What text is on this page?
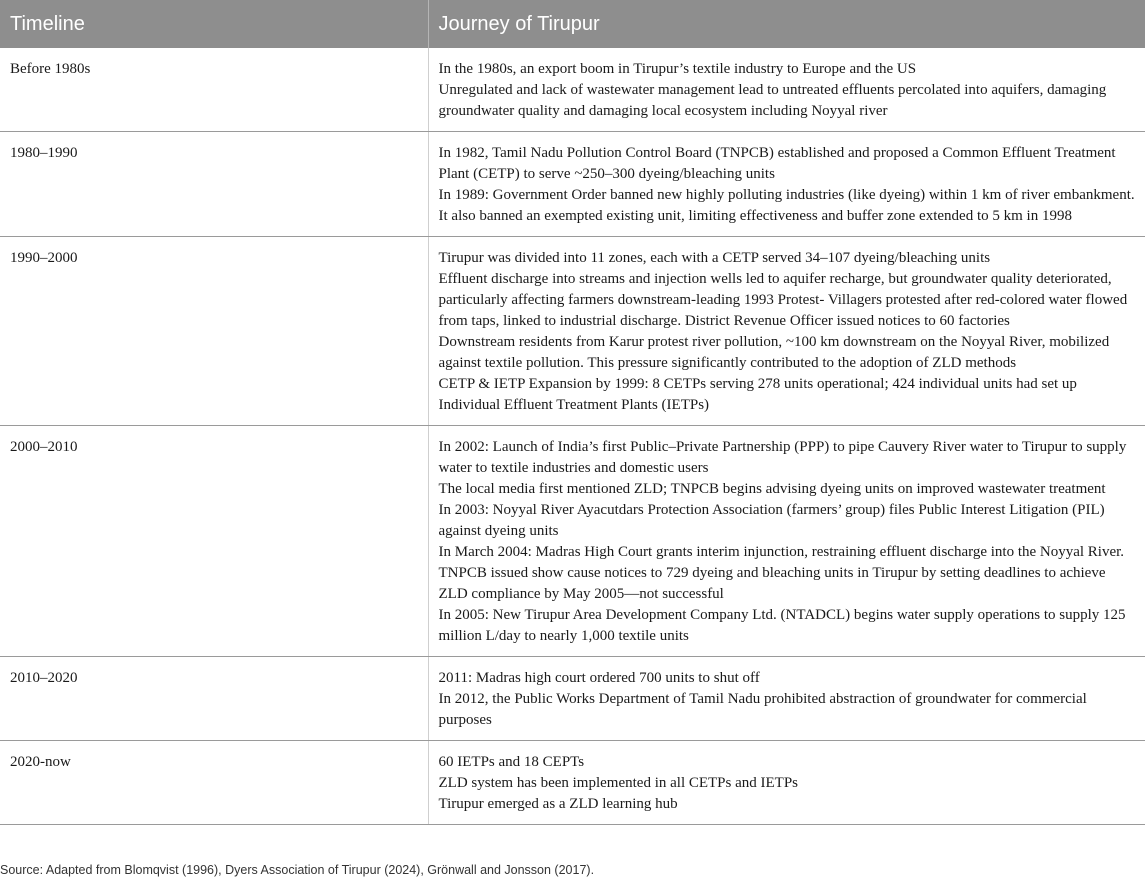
Timeline	Journey of Tirupur
Before 1980s	In the 1980s, an export boom in Tirupur’s textile industry to Europe and the US
Unregulated and lack of wastewater management lead to untreated effluents percolated into aquifers, damaging groundwater quality and damaging local ecosystem including Noyyal river

1980–1990	In 1982, Tamil Nadu Pollution Control Board (TNPCB) established and proposed a Common Effluent Treatment Plant (CETP) to serve ~250–300 dyeing/bleaching units
In 1989: Government Order banned new highly polluting industries (like dyeing) within 1 km of river embankment. It also banned an exempted existing unit, limiting effectiveness and buffer zone extended to 5 km in 1998

1990–2000	Tirupur was divided into 11 zones, each with a CETP served 34–107 dyeing/bleaching units
Effluent discharge into streams and injection wells led to aquifer recharge, but groundwater quality deteriorated, particularly affecting farmers downstream-leading 1993 Protest- Villagers protested after red-colored water flowed from taps, linked to industrial discharge. District Revenue Officer issued notices to 60 factories
Downstream residents from Karur protest river pollution, ~100 km downstream on the Noyyal River, mobilized against textile pollution. This pressure significantly contributed to the adoption of ZLD methods
CETP & IETP Expansion by 1999: 8 CETPs serving 278 units operational; 424 individual units had set up Individual Effluent Treatment Plants (IETPs)

2000–2010	In 2002: Launch of India’s first Public–Private Partnership (PPP) to pipe Cauvery River water to Tirupur to supply water to textile industries and domestic users
The local media first mentioned ZLD; TNPCB begins advising dyeing units on improved wastewater treatment
In 2003: Noyyal River Ayacutdars Protection Association (farmers’ group) files Public Interest Litigation (PIL) against dyeing units
In March 2004: Madras High Court grants interim injunction, restraining effluent discharge into the Noyyal River. TNPCB issued show cause notices to 729 dyeing and bleaching units in Tirupur by setting deadlines to achieve ZLD compliance by May 2005—not successful
In 2005: New Tirupur Area Development Company Ltd. (NTADCL) begins water supply operations to supply 125 million L/day to nearly 1,000 textile units

2010–2020	2011: Madras high court ordered 700 units to shut off
In 2012, the Public Works Department of Tamil Nadu prohibited abstraction of groundwater for commercial purposes

2020-now	60 IETPs and 18 CEPTs
ZLD system has been implemented in all CETPs and IETPs
Tirupur emerged as a ZLD learning hub
Source: Adapted from Blomqvist (1996), Dyers Association of Tirupur (2024), Grönwall and Jonsson (2017).
